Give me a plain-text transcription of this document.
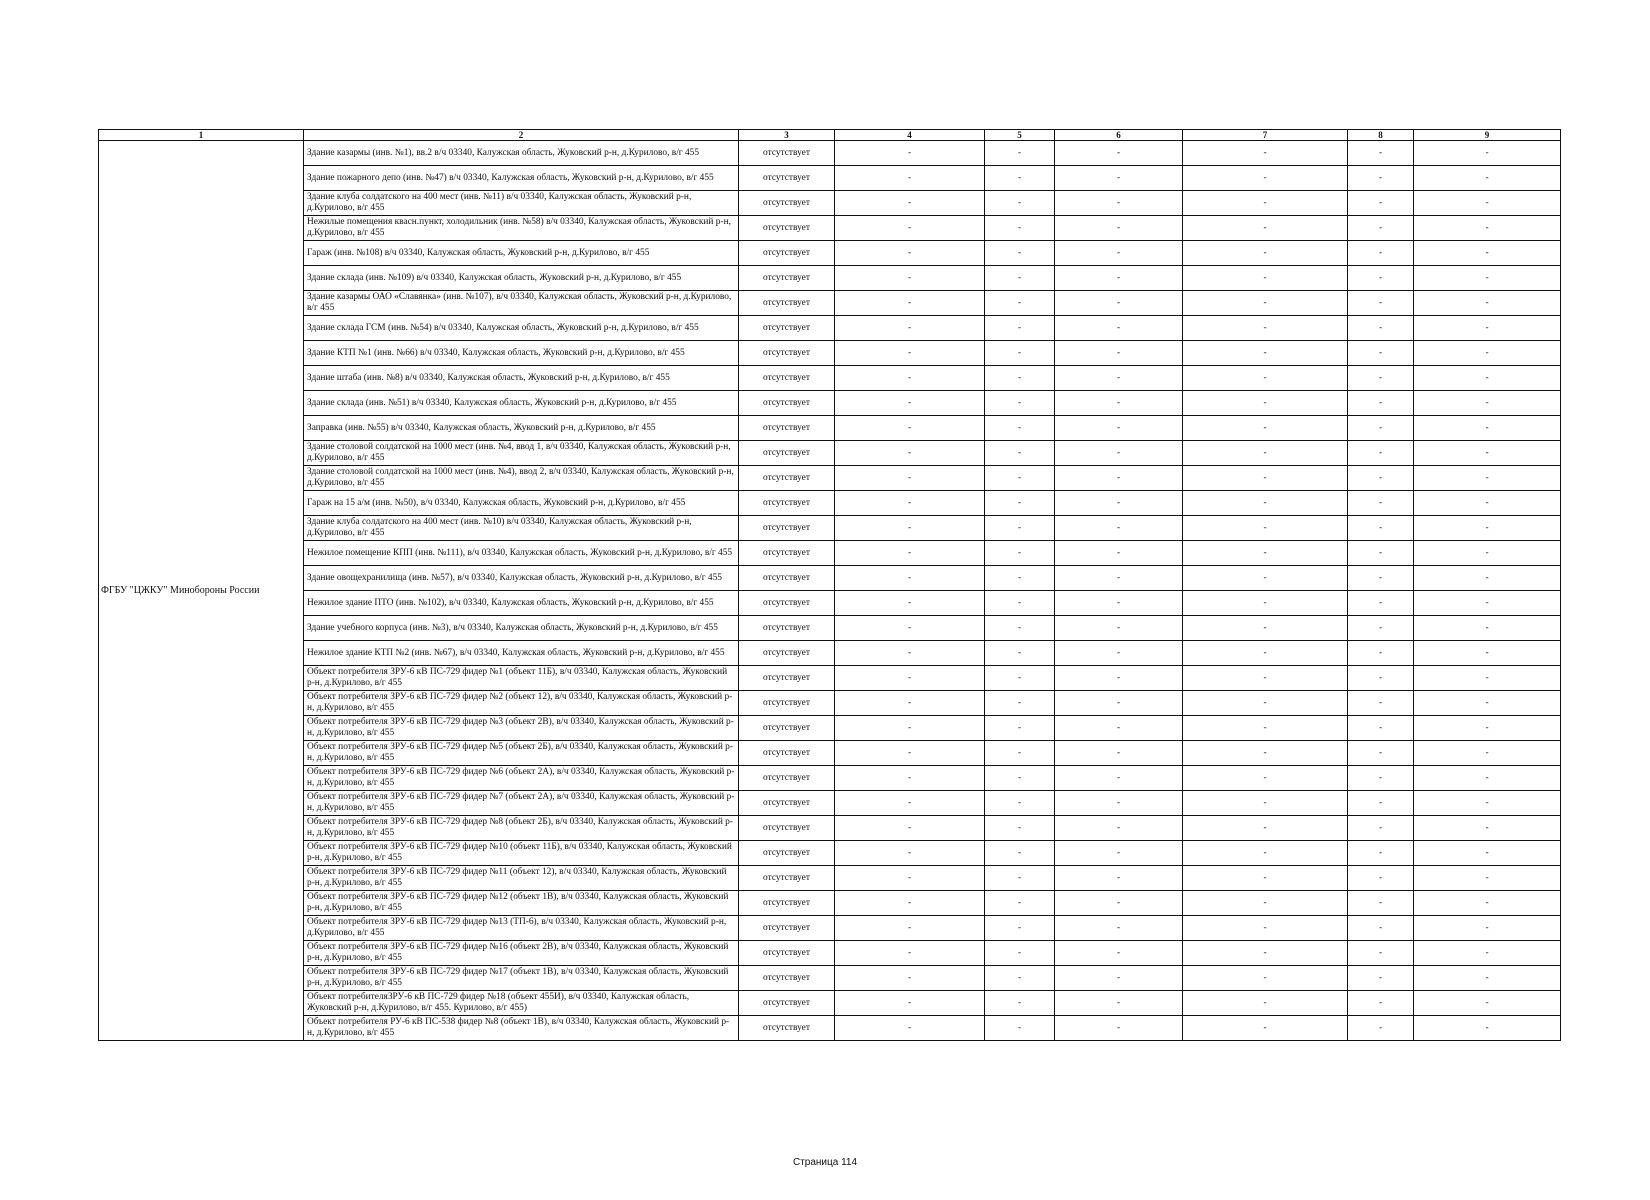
1	2	3	4	5	6	7	8	9
ФГБУ "ЦЖКУ" Минобороны России	Здание казармы (инв. №1), вв.2 в/ч 03340, Калужская область, Жуковский р-н, д.Курилово, в/г 455	отсутствует	-	-	-	-	-	-

	Здание пожарного депо (инв. №47) в/ч 03340, Калужская область, Жуковский р-н, д.Курилово, в/г 455	отсутствует	-	-	-	-	-	-

	Здание клуба солдатского на 400 мест (инв. №11) в/ч 03340, Калужская область, Жуковский р-н, д.Курилово, в/г 455	отсутствует	-	-	-	-	-	-

	Нежилые помещения квасн.пункт, холодильник (инв. №58) в/ч 03340, Калужская область, Жуковский р-н, д.Курилово, в/г 455	отсутствует	-	-	-	-	-	-

	Гараж (инв. №108) в/ч 03340, Калужская область, Жуковский р-н, д.Курилово, в/г 455	отсутствует	-	-	-	-	-	-

	Здание склада (инв. №109) в/ч 03340, Калужская область, Жуковский р-н, д.Курилово, в/г 455	отсутствует	-	-	-	-	-	-

	Здание казармы ОАО «Славянка» (инв. №107), в/ч 03340, Калужская область, Жуковский р-н, д.Курилово, в/г 455	отсутствует	-	-	-	-	-	-

	Здание склада ГСМ (инв. №54) в/ч 03340, Калужская область, Жуковский р-н, д.Курилово, в/г 455	отсутствует	-	-	-	-	-	-

	Здание КТП №1 (инв. №66) в/ч 03340, Калужская область, Жуковский р-н, д.Курилово, в/г 455	отсутствует	-	-	-	-	-	-

	Здание штаба (инв. №8) в/ч 03340, Калужская область, Жуковский р-н, д.Курилово, в/г 455	отсутствует	-	-	-	-	-	-

	Здание склада (инв. №51) в/ч 03340, Калужская область, Жуковский р-н, д.Курилово, в/г 455	отсутствует	-	-	-	-	-	-

	Заправка (инв. №55) в/ч 03340, Калужская область, Жуковский р-н, д.Курилово, в/г 455	отсутствует	-	-	-	-	-	-

	Здание столовой солдатской на 1000 мест (инв. №4, ввод 1, в/ч 03340, Калужская область, Жуковский р-н, д.Курилово, в/г 455	отсутствует	-	-	-	-	-	-

	Здание столовой солдатской на 1000 мест (инв. №4), ввод 2, в/ч 03340, Калужская область, Жуковский р-н, д.Курилово, в/г 455	отсутствует	-	-	-	-	-	-

	Гараж на 15 а/м (инв. №50), в/ч 03340, Калужская область, Жуковский р-н, д.Курилово, в/г 455	отсутствует	-	-	-	-	-	-

	Здание клуба солдатского на 400 мест (инв. №10) в/ч 03340, Калужская область, Жуковский р-н, д.Курилово, в/г 455	отсутствует	-	-	-	-	-	-

	Нежилое помещение КПП (инв. №111), в/ч 03340, Калужская область, Жуковский р-н, д.Курилово, в/г 455	отсутствует	-	-	-	-	-	-

	Здание овощехранилища (инв. №57), в/ч 03340, Калужская область, Жуковский р-н, д.Курилово, в/г 455	отсутствует	-	-	-	-	-	-

	Нежилое здание ПТО (инв. №102), в/ч 03340, Калужская область, Жуковский р-н, д.Курилово, в/г 455	отсутствует	-	-	-	-	-	-

	Здание учебного корпуса (инв. №3), в/ч 03340, Калужская область, Жуковский р-н, д.Курилово, в/г 455	отсутствует	-	-	-	-	-	-

	Нежилое здание КТП №2 (инв. №67), в/ч 03340, Калужская область, Жуковский р-н, д.Курилово, в/г 455	отсутствует	-	-	-	-	-	-

	Объект потребителя ЗРУ-6 кВ ПС-729 фидер №1 (объект 11Б), в/ч 03340, Калужская область, Жуковский р-н, д.Курилово, в/г 455	отсутствует	-	-	-	-	-	-

	Объект потребителя ЗРУ-6 кВ ПС-729 фидер №2 (объект 12), в/ч 03340, Калужская область, Жуковский р-н, д.Курилово, в/г 455	отсутствует	-	-	-	-	-	-

	Объект потребителя ЗРУ-6 кВ ПС-729 фидер №3 (объект 2В), в/ч 03340, Калужская область, Жуковский р-н, д.Курилово, в/г 455	отсутствует	-	-	-	-	-	-

	Объект потребителя ЗРУ-6 кВ ПС-729 фидер №5 (объект 2Б), в/ч 03340, Калужская область, Жуковский р-н, д.Курилово, в/г 455	отсутствует	-	-	-	-	-	-

	Объект потребителя ЗРУ-6 кВ ПС-729 фидер №6 (объект 2А), в/ч 03340, Калужская область, Жуковский р-н, д.Курилово, в/г 455	отсутствует	-	-	-	-	-	-

	Объект потребителя ЗРУ-6 кВ ПС-729 фидер №7 (объект 2А), в/ч 03340, Калужская область, Жуковский р-н, д.Курилово, в/г 455	отсутствует	-	-	-	-	-	-

	Объект потребителя ЗРУ-6 кВ ПС-729 фидер №8 (объект 2Б), в/ч 03340, Калужская область, Жуковский р-н, д.Курилово, в/г 455	отсутствует	-	-	-	-	-	-

	Объект потребителя ЗРУ-6 кВ ПС-729 фидер №10 (объект 11Б), в/ч 03340, Калужская область, Жуковский р-н, д.Курилово, в/г 455	отсутствует	-	-	-	-	-	-

	Объект потребителя ЗРУ-6 кВ ПС-729 фидер №11 (объект 12), в/ч 03340, Калужская область, Жуковский р-н, д.Курилово, в/г 455	отсутствует	-	-	-	-	-	-

	Объект потребителя ЗРУ-6 кВ ПС-729 фидер №12 (объект 1В), в/ч 03340, Калужская область, Жуковский р-н, д.Курилово, в/г 455	отсутствует	-	-	-	-	-	-

	Объект потребителя ЗРУ-6 кВ ПС-729 фидер №13 (ТП-6), в/ч 03340, Калужская область, Жуковский р-н, д.Курилово, в/г 455	отсутствует	-	-	-	-	-	-

	Объект потребителя ЗРУ-6 кВ ПС-729 фидер №16 (объект 2В), в/ч 03340, Калужская область, Жуковский р-н, д.Курилово, в/г 455	отсутствует	-	-	-	-	-	-

	Объект потребителя ЗРУ-6 кВ ПС-729 фидер №17 (объект 1В), в/ч 03340, Калужская область, Жуковский р-н, д.Курилово, в/г 455	отсутствует	-	-	-	-	-	-

	Объект потребителяЗРУ-6 кВ ПС-729 фидер №18 (объект 455И), в/ч 03340, Калужская область, Жуковский р-н, д.Курилово, в/г 455. Курилово, в/г 455)	отсутствует	-	-	-	-	-	-

	Объект потребителя РУ-6 кВ ПС-538 фидер №8 (объект 1В), в/ч 03340, Калужская область, Жуковский р-н, д.Курилово, в/г 455	отсутствует	-	-	-	-	-	-
Страница 114
